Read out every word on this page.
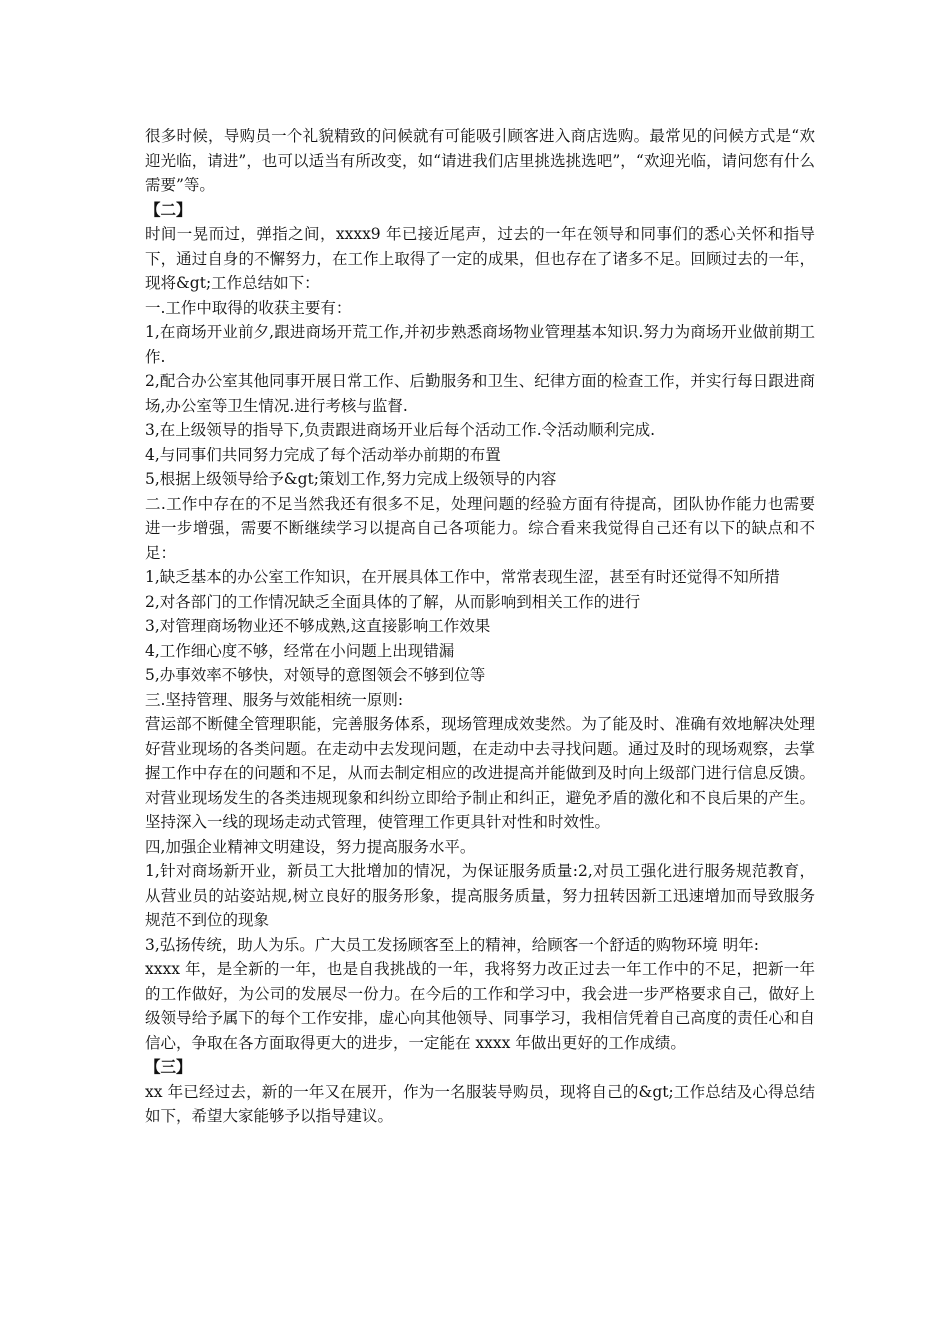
很多时候，导购员一个礼貌精致的问候就有可能吸引顾客进入商店选购。最常见的问候方式是“欢迎光临，请进”，也可以适当有所改变，如“请进我们店里挑选挑选吧”，“欢迎光临，请问您有什么需要”等。

【二】

时间一晃而过，弹指之间，xxxx9 年已接近尾声，过去的一年在领导和同事们的悉心关怀和指导下，通过自身的不懈努力，在工作上取得了一定的成果，但也存在了诸多不足。回顾过去的一年，现将&gt;工作总结如下：

一.工作中取得的收获主要有：

1,在商场开业前夕,跟进商场开荒工作,并初步熟悉商场物业管理基本知识.努力为商场开业做前期工作.

2,配合办公室其他同事开展日常工作、后勤服务和卫生、纪律方面的检查工作，并实行每日跟进商场,办公室等卫生情况.进行考核与监督.

3,在上级领导的指导下,负责跟进商场开业后每个活动工作.令活动顺利完成.

4,与同事们共同努力完成了每个活动举办前期的布置

5,根据上级领导给予&gt;策划工作,努力完成上级领导的内容

二.工作中存在的不足当然我还有很多不足，处理问题的经验方面有待提高，团队协作能力也需要进一步增强，需要不断继续学习以提高自己各项能力。综合看来我觉得自己还有以下的缺点和不足：

1,缺乏基本的办公室工作知识，在开展具体工作中，常常表现生涩，甚至有时还觉得不知所措

2,对各部门的工作情况缺乏全面具体的了解，从而影响到相关工作的进行

3,对管理商场物业还不够成熟,这直接影响工作效果

4,工作细心度不够，经常在小问题上出现错漏

5,办事效率不够快，对领导的意图领会不够到位等

三.坚持管理、服务与效能相统一原则:

营运部不断健全管理职能，完善服务体系，现场管理成效斐然。为了能及时、准确有效地解决处理好营业现场的各类问题。在走动中去发现问题，在走动中去寻找问题。通过及时的现场观察，去掌握工作中存在的问题和不足，从而去制定相应的改进提高并能做到及时向上级部门进行信息反馈。对营业现场发生的各类违规现象和纠纷立即给予制止和纠正，避免矛盾的激化和不良后果的产生。坚持深入一线的现场走动式管理，使管理工作更具针对性和时效性。

四,加强企业精神文明建设，努力提高服务水平。

1,针对商场新开业，新员工大批增加的情况，为保证服务质量:2,对员工强化进行服务规范教育，从营业员的站姿站规,树立良好的服务形象，提高服务质量，努力扭转因新工迅速增加而导致服务规范不到位的现象

3,弘扬传统，助人为乐。广大员工发扬顾客至上的精神，给顾客一个舒适的购物环境 明年:

xxxx 年，是全新的一年，也是自我挑战的一年，我将努力改正过去一年工作中的不足，把新一年的工作做好，为公司的发展尽一份力。在今后的工作和学习中，我会进一步严格要求自己，做好上级领导给予属下的每个工作安排，虚心向其他领导、同事学习，我相信凭着自己高度的责任心和自信心，争取在各方面取得更大的进步，一定能在 xxxx 年做出更好的工作成绩。

【三】

xx 年已经过去，新的一年又在展开，作为一名服装导购员，现将自己的&gt;工作总结及心得总结如下，希望大家能够予以指导建议。
